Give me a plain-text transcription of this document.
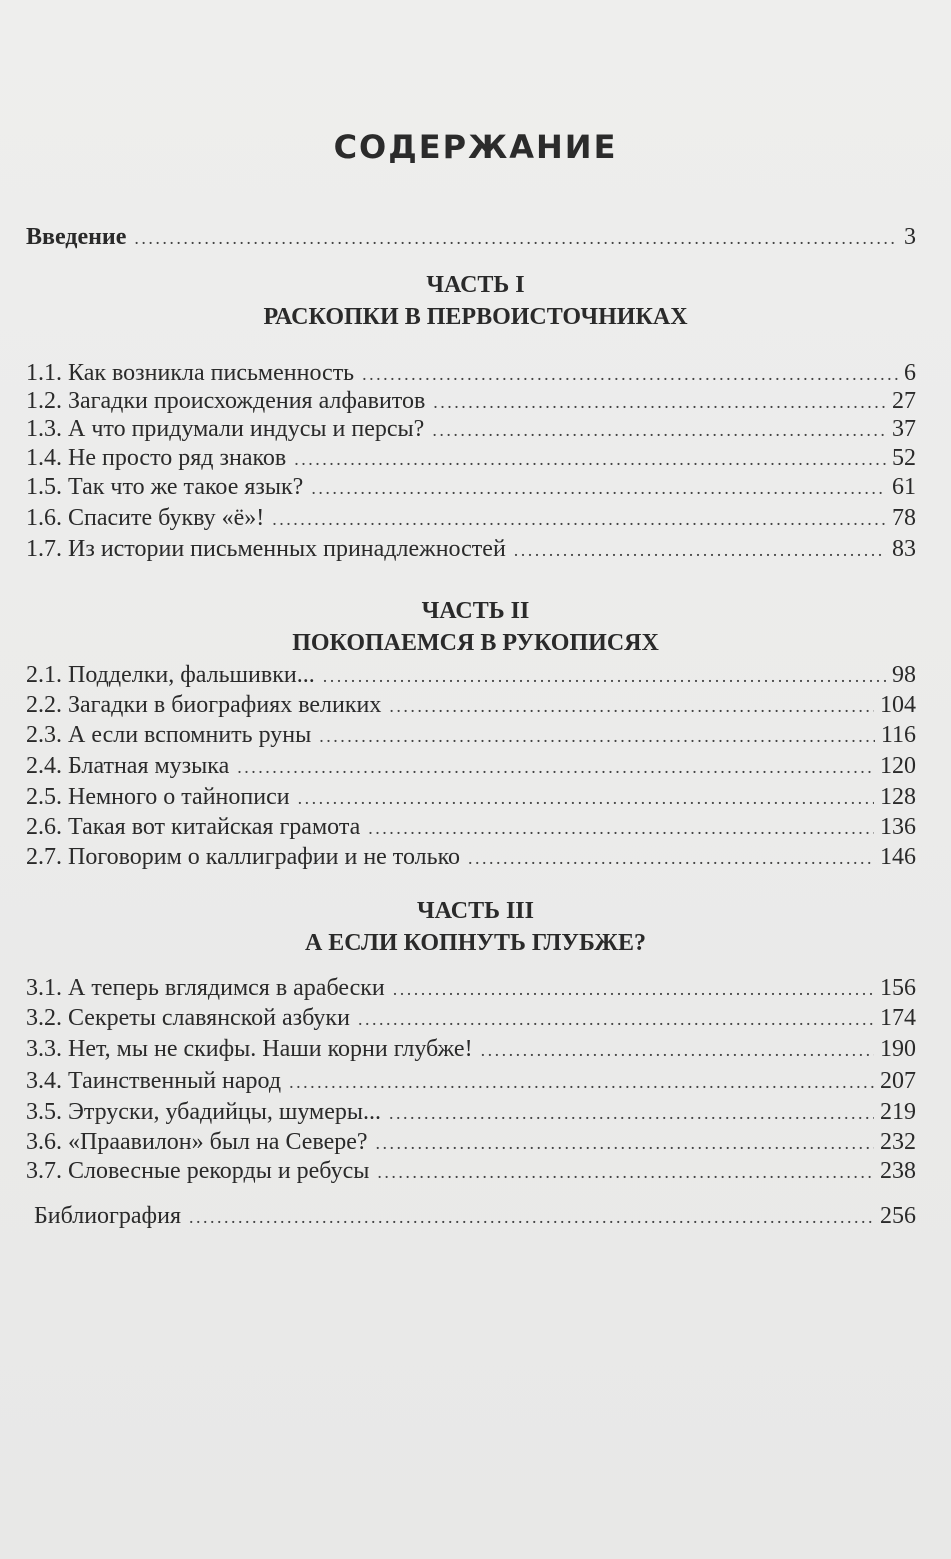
СОДЕРЖАНИЕ
Введение . . .	3
ЧАСТЬ I
РАСКОПКИ В ПЕРВОИСТОЧНИКАХ
1.1. Как возникла письменность . . .	6
1.2. Загадки происхождения алфавитов . . .	27
1.3. А что придумали индусы и персы? . . .	37
1.4. Не просто ряд знаков . . .	52
1.5. Так что же такое язык? . . .	61
1.6. Спасите букву «ё»! . . .	78
1.7. Из истории письменных принадлежностей . . .	83
ЧАСТЬ II
ПОКОПАЕМСЯ В РУКОПИСЯХ
2.1. Подделки, фальшивки... . . .	98
2.2. Загадки в биографиях великих . . .	104
2.3. А если вспомнить руны . . .	116
2.4. Блатная музыка . . .	120
2.5. Немного о тайнописи . . .	128
2.6. Такая вот китайская грамота . . .	136
2.7. Поговорим о каллиграфии и не только . . .	146
ЧАСТЬ III
А ЕСЛИ КОПНУТЬ ГЛУБЖЕ?
3.1. А теперь вглядимся в арабески . . .	156
3.2. Секреты славянской азбуки . . .	174
3.3. Нет, мы не скифы. Наши корни глубже! . . .	190
3.4. Таинственный народ . . .	207
3.5. Этруски, убадийцы, шумеры... . . .	219
3.6. «Праавилон» был на Севере? . . .	232
3.7. Словесные рекорды и ребусы . . .	238
Библиография . . .	256
